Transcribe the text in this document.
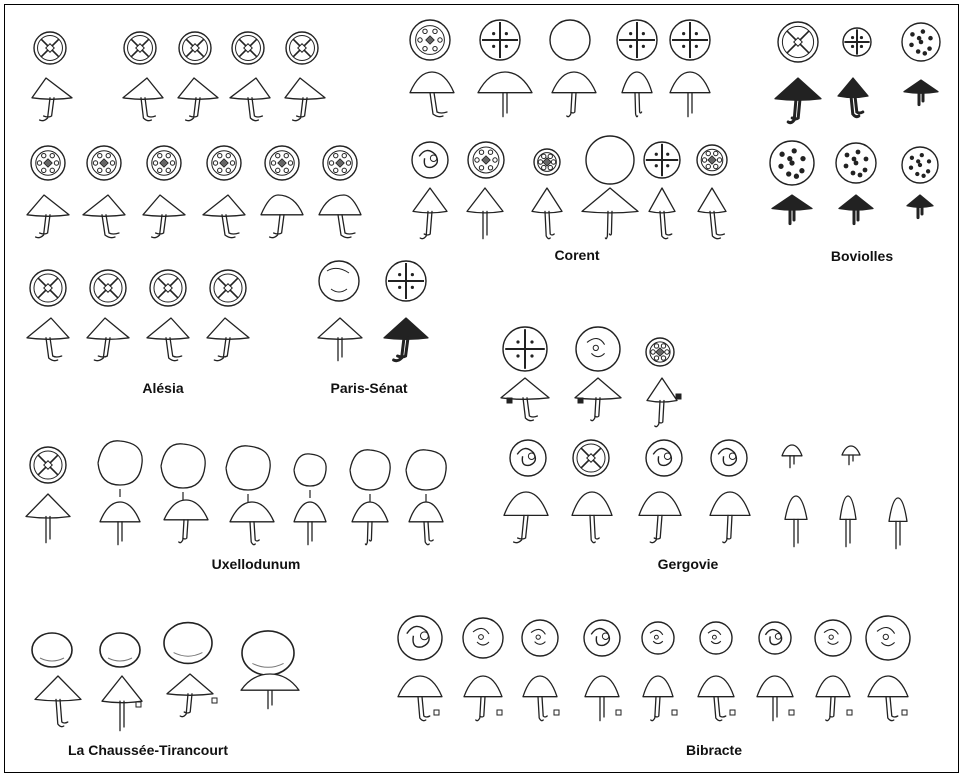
Alésia	Paris-Sénat
Corent	Boviolles
Uxellodunum	Gergovie
La Chaussée-Tirancourt	Bibracte
